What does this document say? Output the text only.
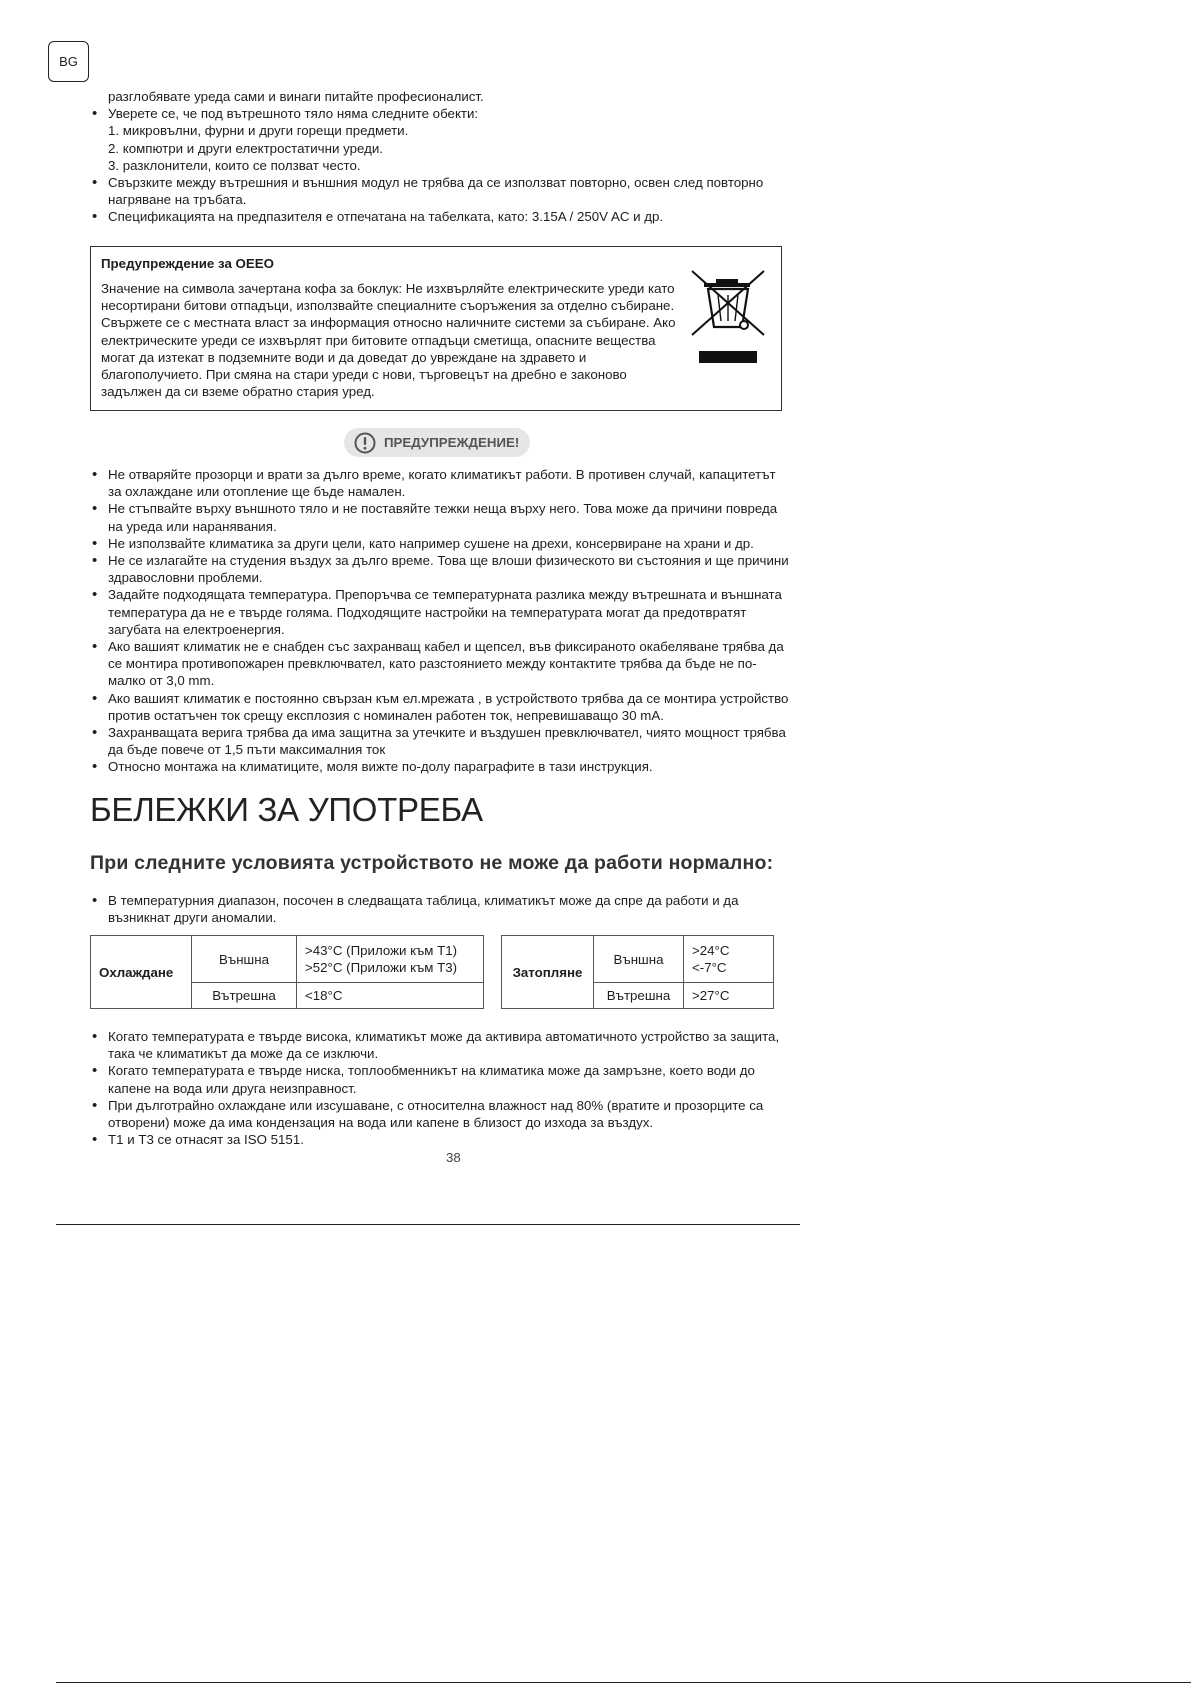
BG
разглобявате уреда сами и винаги питайте професионалист.
• Уверете се, че под вътрешното тяло няма следните обекти:
1. микровълни, фурни и други горещи предмети.
2. компютри и други електростатични уреди.
3. разклонители, които се ползват често.
• Свързките между вътрешния и външния модул не трябва да се използват повторно, освен след повторно нагряване на тръбата.
• Спецификацията на предпазителя е отпечатана на табелката, като: 3.15A / 250V AC и др.
Предупреждение за ОЕЕО
Значение на символа зачертана кофа за боклук: Не изхвърляйте електрическите уреди като несортирани битови отпадъци, използвайте специалните съоръжения за отделно събиране. Свържете се с местната власт за информация относно наличните системи за събиране. Ако електрическите уреди се изхвърлят при битовите отпадъци сметища, опасните вещества могат да изтекат в подземните води и да доведат до увреждане на здравето и благополучието. При смяна на стари уреди с нови, търговецът на дребно е законово задължен да си вземе обратно стария уред.
ПРЕДУПРЕЖДЕНИЕ!
• Не отваряйте прозорци и врати за дълго време, когато климатикът работи. В противен случай, капацитетът за охлаждане или отопление ще бъде намален.
• Не стъпвайте върху външното тяло и не поставяйте тежки неща върху него. Това може да причини повреда на уреда или наранявания.
• Не използвайте климатика за други цели, като например сушене на дрехи, консервиране на храни и др.
• Не се излагайте на студения въздух за дълго време. Това ще влоши физическото ви състояния и ще причини здравословни проблеми.
• Задайте подходящата температура. Препоръчва се температурната разлика между вътрешната и външната температура да не е твърде голяма. Подходящите настройки на температурата могат да предотвратят загубата на електроенергия.
• Ако вашият климатик не е снабден със захранващ кабел и щепсел, във фиксираното окабеляване трябва да се монтира противопожарен превключвател, като разстоянието между контактите трябва да бъде не по-малко от 3,0 mm.
• Ако вашият климатик е постоянно свързан към ел.мрежата , в устройството трябва да се монтира устройство против остатъчен ток срещу експлозия с номинален работен ток, непревишаващо 30 mA.
• Захранващата верига трябва да има защитна за утечките и въздушен превключвател, чиято мощност трябва да бъде повече от 1,5 пъти максималния ток
• Относно монтажа на климатиците, моля вижте по-долу параграфите в тази инструкция.
БЕЛЕЖКИ ЗА УПОТРЕБА
При следните условията устройството не може да работи нормално:
• В температурния диапазон, посочен в следващата таблица, климатикът може да спре да работи и да възникнат други аномалии.
Охлаждане	Външна	>43°C (Приложи към T1)
>52°C (Приложи към T3)

	Вътрешна	<18°C
Затопляне	Външна	>24°C
<-7°C

	Вътрешна	>27°C
• Когато температурата е твърде висока, климатикът може да активира автоматичното устройство за защита, така че климатикът да може да се изключи.
• Когато температурата е твърде ниска, топлообменникът на климатика може да замръзне, което води до капене на вода или друга неизправност.
• При дълготрайно охлаждане или изсушаване, с относителна влажност над 80% (вратите и прозорците са отворени) може да има кондензация на вода или капене в близост до изхода за въздух.
• T1 и T3 се отнасят за ISO 5151.
38
